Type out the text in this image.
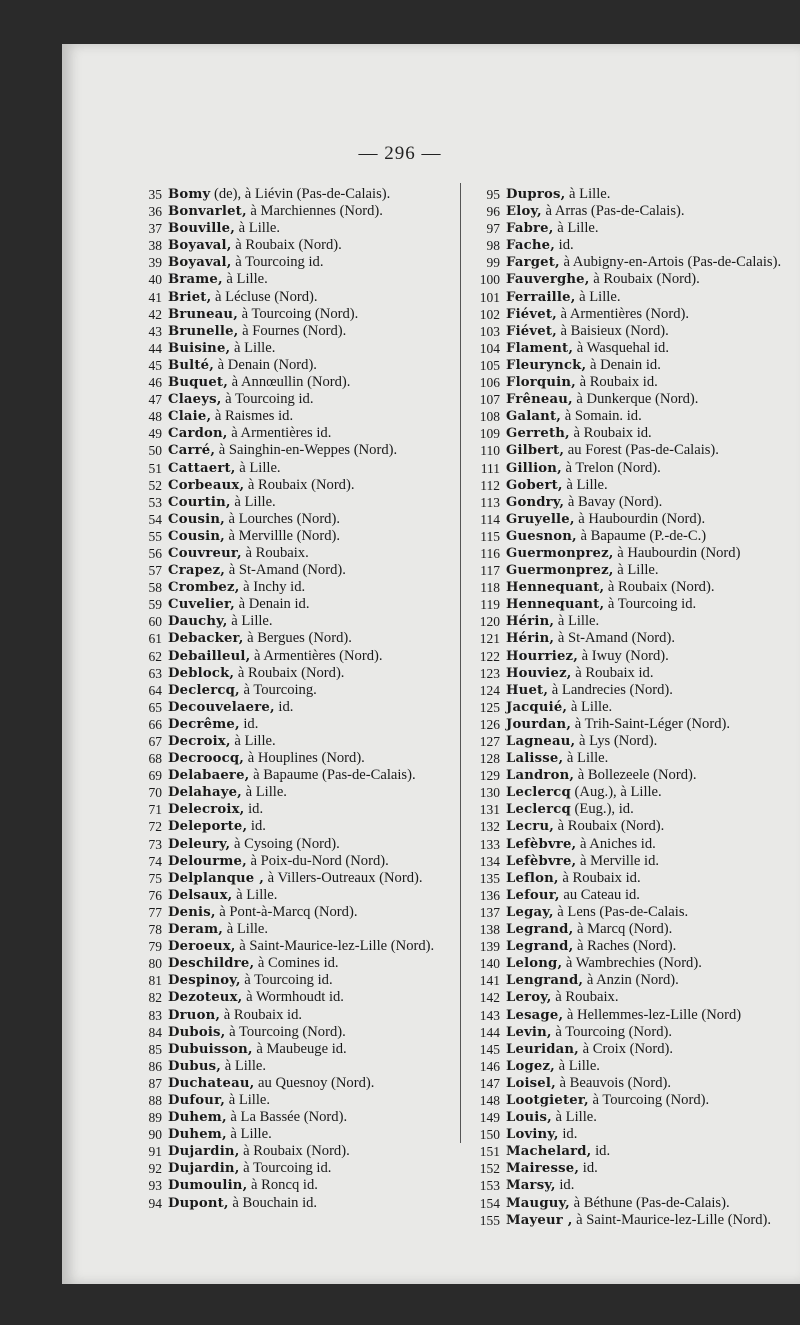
— 296 —
35 Bomy (de), à Liévin (Pas-de-Calais).
36 Bonvarlet, à Marchiennes (Nord).
37 Bouville, à Lille.
38 Boyaval, à Roubaix (Nord).
39 Boyaval, à Tourcoing id.
40 Brame, à Lille.
41 Briet, à Lécluse (Nord).
42 Bruneau, à Tourcoing (Nord).
43 Brunelle, à Fournes (Nord).
44 Buisine, à Lille.
45 Bulté, à Denain (Nord).
46 Buquet, à Annœullin (Nord).
47 Claeys, à Tourcoing id.
48 Claie, à Raismes id.
49 Cardon, à Armentières id.
50 Carré, à Sainghin-en-Weppes (Nord).
51 Cattaert, à Lille.
52 Corbeaux, à Roubaix (Nord).
53 Courtin, à Lille.
54 Cousin, à Lourches (Nord).
55 Cousin, à Mervillle (Nord).
56 Couvreur, à Roubaix.
57 Crapez, à St-Amand (Nord).
58 Crombez, à Inchy id.
59 Cuvelier, à Denain id.
60 Dauchy, à Lille.
61 Debacker, à Bergues (Nord).
62 Debailleul, à Armentières (Nord).
63 Deblock, à Roubaix (Nord).
64 Declercq, à Tourcoing.
65 Decouvelaere, id.
66 Decrême, id.
67 Decroix, à Lille.
68 Decroocq, à Houplines (Nord).
69 Delabaere, à Bapaume (Pas-de-Calais).
70 Delahaye, à Lille.
71 Delecroix, id.
72 Deleporte, id.
73 Deleury, à Cysoing (Nord).
74 Delourme, à Poix-du-Nord (Nord).
75 Delplanque , à Villers-Outreaux (Nord).
76 Delsaux, à Lille.
77 Denis, à Pont-à-Marcq (Nord).
78 Deram, à Lille.
79 Deroeux, à Saint-Maurice-lez-Lille (Nord).
80 Deschildre, à Comines id.
81 Despinoy, à Tourcoing id.
82 Dezoteux, à Wormhoudt id.
83 Druon, à Roubaix id.
84 Dubois, à Tourcoing (Nord).
85 Dubuisson, à Maubeuge id.
86 Dubus, à Lille.
87 Duchateau, au Quesnoy (Nord).
88 Dufour, à Lille.
89 Duhem, à La Bassée (Nord).
90 Duhem, à Lille.
91 Dujardin, à Roubaix (Nord).
92 Dujardin, à Tourcoing id.
93 Dumoulin, à Roncq id.
94 Dupont, à Bouchain id.
95 Dupros, à Lille.
96 Eloy, à Arras (Pas-de-Calais).
97 Fabre, à Lille.
98 Fache, id.
99 Farget, à Aubigny-en-Artois (Pas-de-Calais).
100 Fauverghe, à Roubaix (Nord).
101 Ferraille, à Lille.
102 Fiévet, à Armentières (Nord).
103 Fiévet, à Baisieux (Nord).
104 Flament, à Wasquehal id.
105 Fleurynck, à Denain id.
106 Florquin, à Roubaix id.
107 Frêneau, à Dunkerque (Nord).
108 Galant, à Somain. id.
109 Gerreth, à Roubaix id.
110 Gilbert, au Forest (Pas-de-Calais).
111 Gillion, à Trelon (Nord).
112 Gobert, à Lille.
113 Gondry, à Bavay (Nord).
114 Gruyelle, à Haubourdin (Nord).
115 Guesnon, à Bapaume (P.-de-C.)
116 Guermonprez, à Haubourdin (Nord)
117 Guermonprez, à Lille.
118 Hennequant, à Roubaix (Nord).
119 Hennequant, à Tourcoing id.
120 Hérin, à Lille.
121 Hérin, à St-Amand (Nord).
122 Hourriez, à Iwuy (Nord).
123 Houviez, à Roubaix id.
124 Huet, à Landrecies (Nord).
125 Jacquié, à Lille.
126 Jourdan, à Trih-Saint-Léger (Nord).
127 Lagneau, à Lys (Nord).
128 Lalisse, à Lille.
129 Landron, à Bollezeele (Nord).
130 Leclercq (Aug.), à Lille.
131 Leclercq (Eug.), id.
132 Lecru, à Roubaix (Nord).
133 Lefèbvre, à Aniches id.
134 Lefèbvre, à Merville id.
135 Leflon, à Roubaix id.
136 Lefour, au Cateau id.
137 Legay, à Lens (Pas-de-Calais.
138 Legrand, à Marcq (Nord).
139 Legrand, à Raches (Nord).
140 Lelong, à Wambrechies (Nord).
141 Lengrand, à Anzin (Nord).
142 Leroy, à Roubaix.
143 Lesage, à Hellemmes-lez-Lille (Nord)
144 Levin, à Tourcoing (Nord).
145 Leuridan, à Croix (Nord).
146 Logez, à Lille.
147 Loisel, à Beauvois (Nord).
148 Lootgieter, à Tourcoing (Nord).
149 Louis, à Lille.
150 Loviny, id.
151 Machelard, id.
152 Mairesse, id.
153 Marsy, id.
154 Mauguy, à Béthune (Pas-de-Calais).
155 Mayeur , à Saint-Maurice-lez-Lille (Nord).
